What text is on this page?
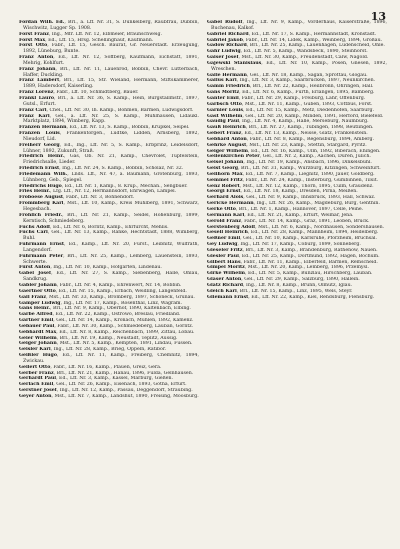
13

Fordan Wilh. Ed., Brl., a. Lff. Nr. 31, S. Dunkelberg, Raubfrau, Dubbin, Wischwitz, Lugger Sp. 1908.

Forst Franz, Ing., Mfr. Lff. Nr. 12, Elbmeier, Braunschweig.

Forst Max, Ed., Lff. 15, Hrsg. Schellinghauf, Kaufmann.

Forst Otto, Fabr., Lff. 15, Gesch. Baurat, Gr. Neuerstadt. Erzeugung, 1892, Lüneburg, Bunte.

Franz Anton, Ed., Lff. Nr. 12, Soffberg, Kaufmann, Eichstätt, 1891, Mehrig, Kohlfurt.

Franz Johann, Brl., Lff. Nr. 11, Lauenrod, Bobbin, Chevr. Lutterbach, Haffer, Duckling.

Franz Lambert, Brl., Lff. 15, Str. Wieland, Hermann, Stiftskämmerer, 1889, Hadersdorf, Kaiserling.

Franz Lorenz, Fabr., Lff. 10, Schmidtberg, Bauer.

Frankl Lauro, Brl., a. Lff. Nr. 36, S. Kamp., Hein, Burgstallmstr., 1897, Gutsl., Erfurt.

Franz Carl, Chel., Lff. Nr. 30, Ih. Kamp., Bohmen, Barmen, Ludwigsdorf.

Franz Karl, Gel., a. Lff. Nr. 25, S. Kamp., Mühlhausen, Lidaukl. Marktplatz, 1894, Wimberg, Kapp.

Franzen Hermann, Ed., Lff. Nr. 13, S. Kamp., Bobbin, Krupkel, Seipel.

Franzen Louis, Frankentorgeh., Lüdtke, Lidden, Arnsberg, 1892, Nieudorf, Lid.

Freiherr Georg, Ed., Ing., Lff. Nr. 5, S. Kamp., Erbprinz, Leidelsdorf, Lühner, 1892, Zukunft, Straß.

Friedrich Heinr., Gas, Ob. Nr. 21, Kamp., Chevrolet, Tüpfelstein, Friedrichsalle, Lieder.

Friedrich Ernst, Ing., Lff. Nr. 24, S. Kamp., Bobbin, Scholaz, Nr. 32.

Friedemann Wilh., Lnds. Lff., Nr. 47, a. Baumann, Grotenburg, 1893, Lühnberg, Geb., Spiegel.

Friedrichs Hugo, Ed., Lff. Nr. 1, Kamp., 8. Krup., Mechan., Sengbuer.

Fries Heinr., Lfg. Lff., Nr. 12, Hermannsdorf, Ehrwagen, Lampel.

Froboese August, Fabr., Lff. Nr. 3, Bohnendorf.

Frommberg Karl, Mst., Lff. 10, Kamp., Kreis Mühlberg, 1891, Schwarz, Hegesbach.

Fröhlich Friedr., Brl., Lff. Nr. 21, Kamp., Seidel, Höhenburg, 1899, Kerntisch, Schmiedeberg.

Fuchs Adolf, Ed., Lff. Nr. 6, Borlitz, Kamp., Ehrfurcht, Mehlis.

Fuchs Carl, Gel., Lff. Nr. 13, Kamp., Ranke, Hechtstadt, 1888, Wimberg, Buhl.

Fuhrmann Ernst, Ed., Kamp., Lff. Nr. 20, Fürst., Leibnitz, Wülfrath, Langendorf.

Fuhrmann Peter, Brl., Lff. Nr. 25, Kamp., Lemberg, Lauenstein, 1893, Schwerte.

Fürst Anton, Ing., Lff. Nr. 10, Kamp., Hofgarten, Lindenau.

Gabel Josef, Ed., Lff. Nr. 27, S. Kamp., Siebenberg, Halle, Ohlau, Sandkrug.

Gabler Johann, Fabr., Lff. Nr. 4, Kamp., Ehrenwert, Nr. 14, Bobbin.

Gaertner Otto, Ed., Lff. Nr. 15, Kamp., Erbach, Weidling, Langenfeld.

Gall Franz, Mst., Lff. Nr. 33, Kamp., Bromberg, 1897, Schöneck, Grünau.

Gamper Ludwig, Ing., Lff. Nr. 17, Kamp., Rosenthal, Linz, Wagram.

Gans Heinr., Brl., Lff. Nr. 9, Kamp., Oberhof, 1890, Kaltenbach, Elbing.

Garbe Alfred, Ed., Lff. Nr. 22, Kamp., Ostrowo, Breslau, Friedland.

Gärtner Emil, Gel., Lff. Nr. 14, Kamp., Kronach, Mühlen, 1892, Kamenz.

Gebauer Paul, Fabr., Lff. Nr. 30, Kamp., Schmiedeberg, Lauban, Görlitz.

Gebhardt Max, Ed., Lff. Nr. 8, Kamp., Reichenbach, 1899, Zittau, Löbau.

Geier Wilhelm, Brl., Lff. Nr. 19, Kamp., Neustadt, Teplitz, Aussig.

Geiger Johann, Mst., Lff. Nr. 5, Kamp., Kempten, 1891, Lindau, Füssen.

Geisler Karl, Ing., Lff. Nr. 28, Kamp., Brieg, Oppeln, Ratibor.

Geißler Hugo, Ed., Lff. Nr. 11, Kamp., Freiberg, Chemnitz, 1894, Zwickau.

Gellert Otto, Fabr., Lff. Nr. 16, Kamp., Plauen, Greiz, Gera.

Gerber Franz, Brl., Lff. Nr. 21, Kamp., Hanau, 1896, Fulda, Gelnhausen.

Gerhardt Paul, Ed., Lff. Nr. 3, Kamp., Kassel, Marburg, Gießen.

Gerlach Emil, Gel., Lff. Nr. 26, Kamp., Eisenach, 1893, Gotha, Erfurt.

Gerstner Josef, Ing., Lff. Nr. 12, Kamp., Passau, Deggendorf, Straubing.

Geyer Anton, Mst., Lff. Nr. 7, Kamp., Landshut, 1890, Freising, Moosburg.

Gabel Rudolf, Ing., Lff. Nr. 9, Kamp., Vorderhaus, Kaiserstraße, 1896, Buchenau, Kalkof.

Gabriel Richard, Ed., Lff. Nr. 17, S. Kamp., Hermannstadt, Kronstadt.

Gabriel Jakob, Fabr., Lff. Nr. 14, Lidek, Kamp., Weinberg, 1894, Großau.

Gadow Richard, Brl., Lff. Nr. 25, Kamp., Lauenhagen, Lüdenscheid, Ohle.

Gahr Ludwig, Ed., Lff. Nr. 5, Kamp., Wandsbeck, 1890, Steinhorst.

Gaiser Josef, Mst., Lff. Nr. 30, Kamp., Freudenstadt, Calw, Nagold.

Gajewski Stanislaus, Ed., Lff. Nr. 10, Kamp., Posen, Gnesen, 1892, Wreschen.

Galle Hermann, Gel., Lff. Nr. 18, Kamp., Sagan, Sprottau, Glogau.

Gallus Karl, Ing., Lff. Nr. 3, Kamp., Saarbrücken, 1897, Neunkirchen.

Gamm Friedrich, Brl., Lff. Nr. 22, Kamp., Heilbronn, Öhringen, Hall.

Gans Moritz, Ed., Lff. Nr. 6, Kamp., Fürth, Erlangen, 1895, Bamberg.

Ganter Emil, Fabr., Lff. Nr. 29, Kamp., Freiburg, Lahr, Offenburg.

Garbsch Otto, Mst., Lff. Nr. 11, Kamp., Guben, 1893, Cottbus, Forst.

Garnier Louis, Ed., Lff. Nr. 15, Kamp., Metz, Diedenhofen, Saarburg.

Gast Wilhelm, Gel., Lff. Nr. 20, Kamp., Minden, 1891, Herford, Bielefeld.

Gaudig Paul, Ing., Lff. Nr. 4, Kamp., Halle, Merseburg, Naumburg.

Gauß Heinrich, Brl., Lff. Nr. 27, Kamp., Tübingen, 1898, Reutlingen.

Gebert Franz, Ed., Lff. Nr. 13, Kamp., Neisse, Glatz, Frankenstein.

Gebhard Anton, Fabr., Lff. Nr. 8, Kamp., Regensburg, 1894, Amberg.

Gehrke August, Mst., Lff. Nr. 23, Kamp., Stettin, Stargard, Pyritz.

Geiger Wilhelm, Ed., Lff. Nr. 16, Kamp., Ulm, 1892, Biberach, Ehingen.

Geilenkirchen Peter, Gel., Lff. Nr. 2, Kamp., Aachen, Düren, Jülich.

Geisel Johann, Ing., Lff. Nr. 19, Kamp., Ansbach, 1896, Dinkelsbühl.

Geist Georg, Brl., Lff. Nr. 31, Kamp., Würzburg, Kitzingen, Schweinfurt.

Gellhorn Max, Ed., Lff. Nr. 7, Kamp., Liegnitz, 1890, Jauer, Goldberg.

Gemmel Fritz, Fabr., Lff. Nr. 24, Kamp., Insterburg, Gumbinnen, Tilsit.

Genz Robert, Mst., Lff. Nr. 12, Kamp., Thorn, 1895, Culm, Graudenz.

Georgi Ernst, Ed., Lff. Nr. 18, Kamp., Dresden, Pirna, Meißen.

Gerhard Alois, Gel., Lff. Nr. 9, Kamp., Innsbruck, 1893, Hall, Schwaz.

Gericke Hermann, Ing., Lff. Nr. 26, Kamp., Magdeburg, Burg, Genthin.

Gerke Otto, Brl., Lff. Nr. 1, Kamp., Hannover, 1897, Celle, Peine.

Germann Karl, Ed., Lff. Nr. 21, Kamp., Erfurt, Weimar, Jena.

Gerold Franz, Fabr., Lff. Nr. 14, Kamp., Graz, 1891, Leoben, Bruck.

Gerstenberg Adolf, Mst., Lff. Nr. 6, Kamp., Nordhausen, Sondershausen.

Gesell Heinrich, Ed., Lff. Nr. 28, Kamp., Mannheim, 1894, Heidelberg.

Geßner Emil, Gel., Lff. Nr. 10, Kamp., Karlsruhe, Pforzheim, Bruchsal.

Gey Ludwig, Ing., Lff. Nr. 17, Kamp., Coburg, 1899, Sonneberg.

Gieseler Fritz, Brl., Lff. Nr. 3, Kamp., Brandenburg, Rathenow, Nauen.

Giesler Paul, Ed., Lff. Nr. 25, Kamp., Dortmund, 1892, Hagen, Bochum.

Gilbert Hans, Fabr., Lff. Nr. 11, Kamp., Elberfeld, Barmen, Remscheid.

Gimpel Moritz, Mst., Lff. Nr. 20, Kamp., Lemberg, 1896, Przemysl.

Girke Wilhelm, Ed., Lff. Nr. 5, Kamp., Bunzlau, Hirschberg, Lauban.

Glaser Anton, Gel., Lff. Nr. 29, Kamp., Salzburg, 1890, Hallein.

Glatz Richard, Ing., Lff. Nr. 8, Kamp., Brünn, Olmütz, Iglau.

Gleich Karl, Brl., Lff. Nr. 15, Kamp., Linz, 1895, Wels, Steyr.

Gliemann Ernst, Ed., Lff. Nr. 22, Kamp., Kiel, Rendsburg, Flensburg.
